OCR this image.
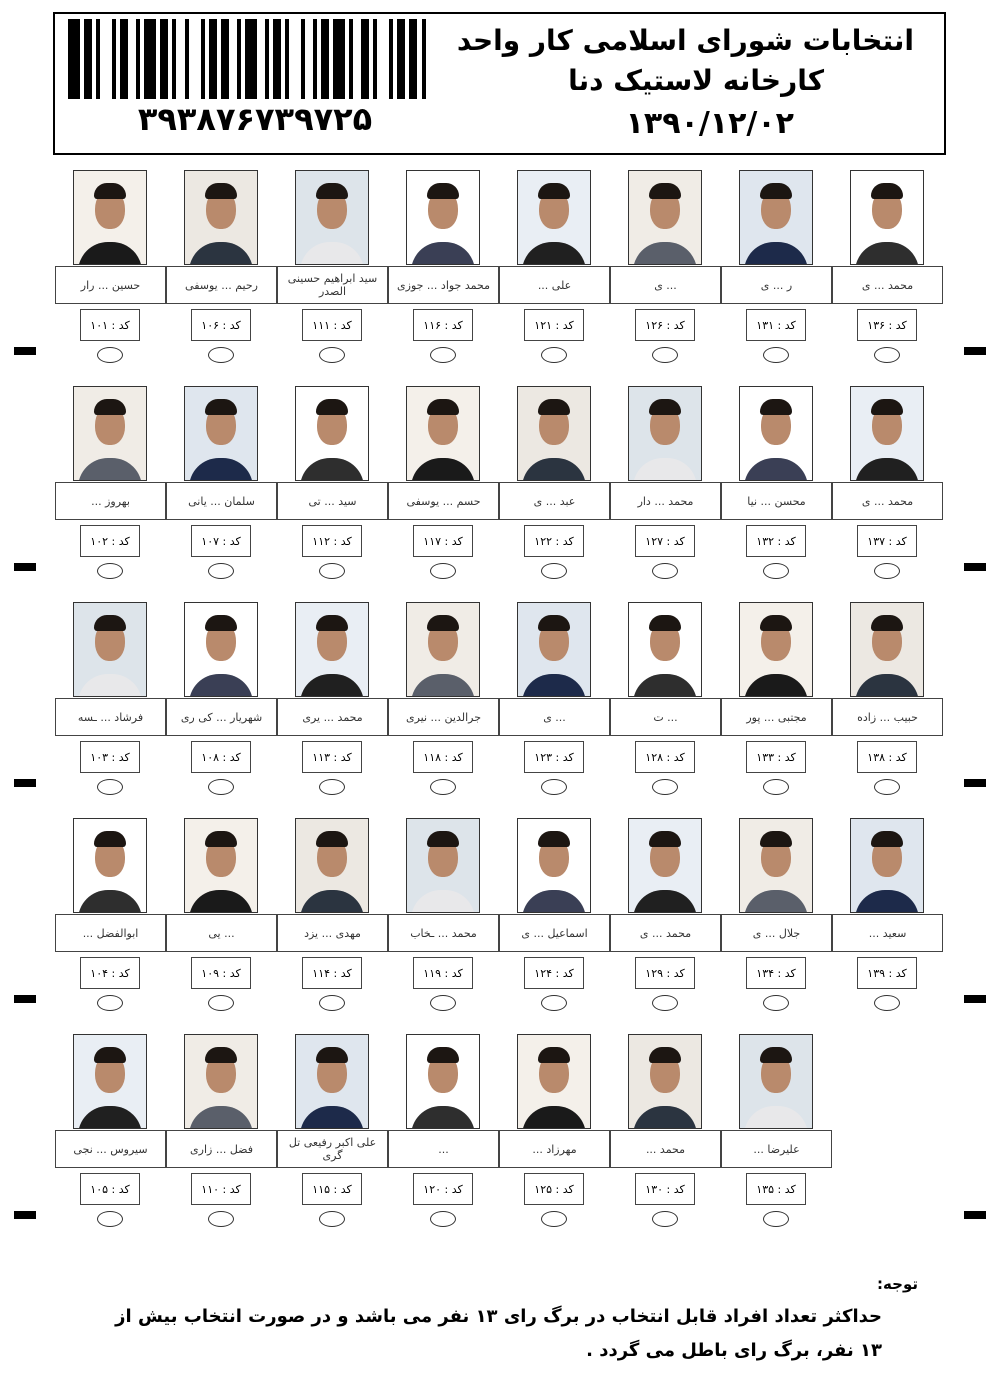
۳۹۳۸۷۶۷۳۹۷۲۵
انتخابات شورای اسلامی کار واحد
کارخانه لاستیک دنا
۱۳۹۰/۱۲/۰۲
حسین ... رار
کد : ۱۰۱
بهروز ...
کد : ۱۰۲
فرشاد ... ـسه
کد : ۱۰۳
ابوالفضل ...
کد : ۱۰۴
سیروس ... نجی
کد : ۱۰۵
رحیم ... یوسفی
کد : ۱۰۶
سلمان ... یانی
کد : ۱۰۷
شهریار ... کی ری
کد : ۱۰۸
... یی
کد : ۱۰۹
فضل ... زاری
کد : ۱۱۰
سید ابراهیم حسینی الصدر
کد : ۱۱۱
سید ... تی
کد : ۱۱۲
محمد ... یری
کد : ۱۱۳
مهدی ... یزد
کد : ۱۱۴
علی اکبر رفیعی تل گری
کد : ۱۱۵
محمد جواد ... جوزی
کد : ۱۱۶
حسم ... یوسفی
کد : ۱۱۷
جرالدین ... نیری
کد : ۱۱۸
محمد ... ـخاب
کد : ۱۱۹
...
کد : ۱۲۰
علی ...
کد : ۱۲۱
عبد ... ی
کد : ۱۲۲
... ی
کد : ۱۲۳
اسماعیل ... ی
کد : ۱۲۴
مهرزاد ...
کد : ۱۲۵
... ی
کد : ۱۲۶
محمد ... دار
کد : ۱۲۷
... ت
کد : ۱۲۸
محمد ... ی
کد : ۱۲۹
محمد ...
کد : ۱۳۰
ر ... ی
کد : ۱۳۱
محسن ... نیا
کد : ۱۳۲
مجتبی ... پور
کد : ۱۳۳
جلال ... ی
کد : ۱۳۴
علیرضا ...
کد : ۱۳۵
محمد ... ی
کد : ۱۳۶
محمد ... ی
کد : ۱۳۷
حبیب ... زاده
کد : ۱۳۸
سعید ...
کد : ۱۳۹
توجه:
حداکثر تعداد افراد قابل انتخاب در برگ رای ۱۳ نفر می باشد و در صورت انتخاب بیش از ۱۳ نفر، برگ رای باطل می گردد .
